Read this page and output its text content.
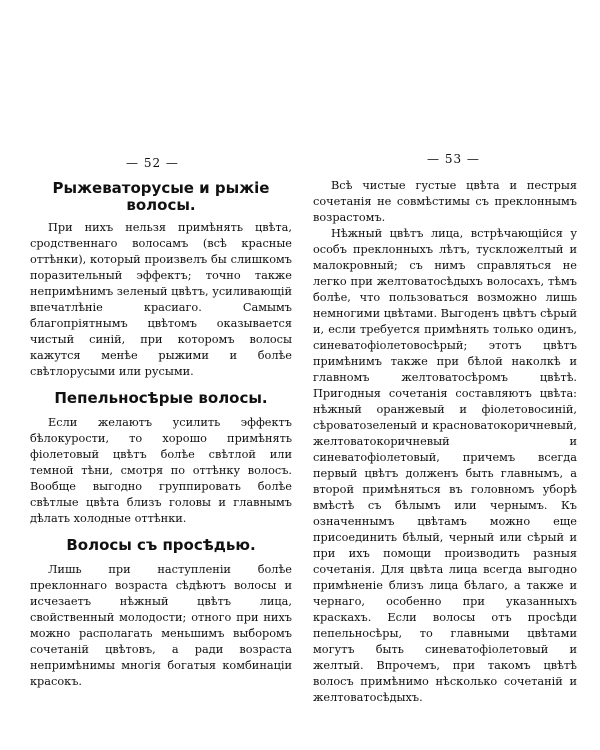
— 52 —
Рыжеваторусые и рыжіе волосы.

При нихъ нельзя примѣнять цвѣта, сродственнаго волосамъ (всѣ красные оттѣнки), который произвелъ бы слишкомъ поразительный эффектъ; точно также непримѣнимъ зеленый цвѣтъ, усиливающій впечатлѣніе красиаго. Самымъ благопріятнымъ цвѣтомъ оказывается чистый синій, при которомъ волосы кажутся менѣе рыжими и болѣе свѣтлорусыми или русыми.

Пепельносѣрые волосы.

Если желаютъ усилить эффектъ бѣлокурости, то хорошо примѣнять фіолетовый цвѣтъ болѣе свѣтлой или темной тѣни, смотря по оттѣнку волосъ. Вообще выгодно группировать болѣе свѣтлые цвѣта близъ головы и главнымъ дѣлать холодные оттѣнки.

Волосы съ просѣдью.

Лишь при наступленіи болѣе преклоннаго возраста сѣдѣютъ волосы и исчезаетъ нѣжный цвѣтъ лица, свойственный молодости; отного при нихъ можно располагать меньшимъ выборомъ сочетаній цвѣтовъ, а ради возраста непримѣнимы многія богатыя комбинаціи красокъ.

— 53 —

Всѣ чистые густые цвѣта и пестрыя сочетанія не совмѣстимы съ преклоннымъ возрастомъ.

Нѣжный цвѣтъ лица, встрѣчающійся у особъ преклонныхъ лѣтъ, тускложелтый и малокровный; съ нимъ справляться не легко при желтоватосѣдыхъ волосахъ, тѣмъ болѣе, что пользоваться возможно лишь немногими цвѣтами. Выгоденъ цвѣтъ сѣрый и, если требуется примѣнять только одинъ, синеватофіолетовосѣрый; этотъ цвѣтъ примѣнимъ также при бѣлой наколкѣ и главномъ желтоватосѣромъ цвѣтѣ. Пригодныя сочетанія составляютъ цвѣта: нѣжный оранжевый и фіолетовосиній, сѣроватозеленый и красноватокоричневый, желтоватокоричневый и синеватофіолетовый, причемъ всегда первый цвѣтъ долженъ быть главнымъ, а второй примѣняться въ головномъ уборѣ вмѣстѣ съ бѣлымъ или чернымъ. Къ означеннымъ цвѣтамъ можно еще присоединить бѣлый, черный или сѣрый и при ихъ помощи производить разныя сочетанія. Для цвѣта лица всегда выгодно примѣненіе близъ лица бѣлаго, а также и чернаго, особенно при указанныхъ краскахъ. Если волосы отъ просѣди пепельносѣры, то главными цвѣтами могутъ быть синеватофіолетовый и желтый. Впрочемъ, при такомъ цвѣтѣ волосъ примѣнимо нѣсколько сочетаній и желтоватосѣдыхъ.
